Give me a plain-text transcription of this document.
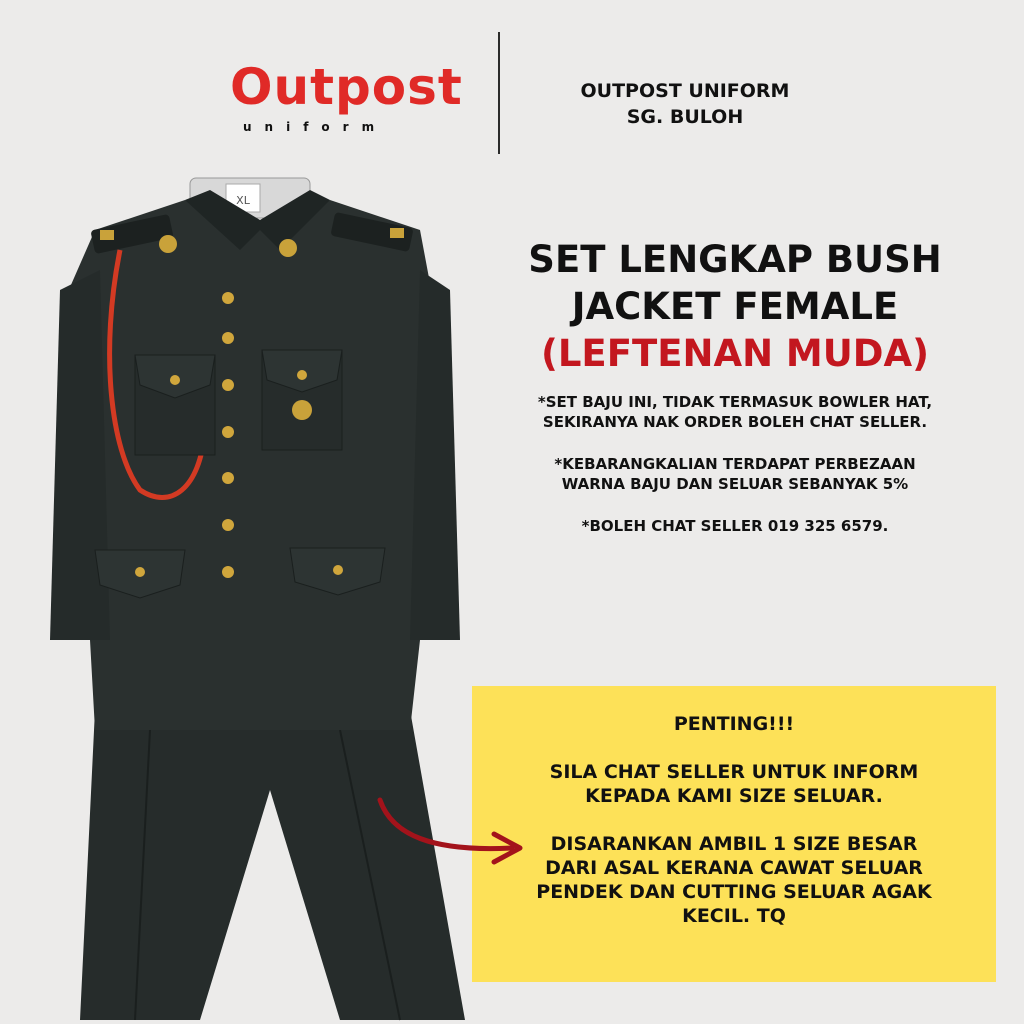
Outpost
uniform
OUTPOST UNIFORM
SG. BULOH
XL
SET LENGKAP BUSH
JACKET FEMALE
(LEFTENAN MUDA)

*SET BAJU INI, TIDAK TERMASUK BOWLER HAT,
SEKIRANYA NAK ORDER BOLEH CHAT SELLER.

*KEBARANGKALIAN TERDAPAT PERBEZAAN
WARNA BAJU DAN SELUAR SEBANYAK 5%

*BOLEH CHAT SELLER 019 325 6579.

PENTING!!!

SILA CHAT SELLER UNTUK INFORM
KEPADA KAMI SIZE SELUAR.

DISARANKAN AMBIL 1 SIZE BESAR
DARI ASAL KERANA CAWAT SELUAR
PENDEK DAN CUTTING SELUAR AGAK
KECIL. TQ
